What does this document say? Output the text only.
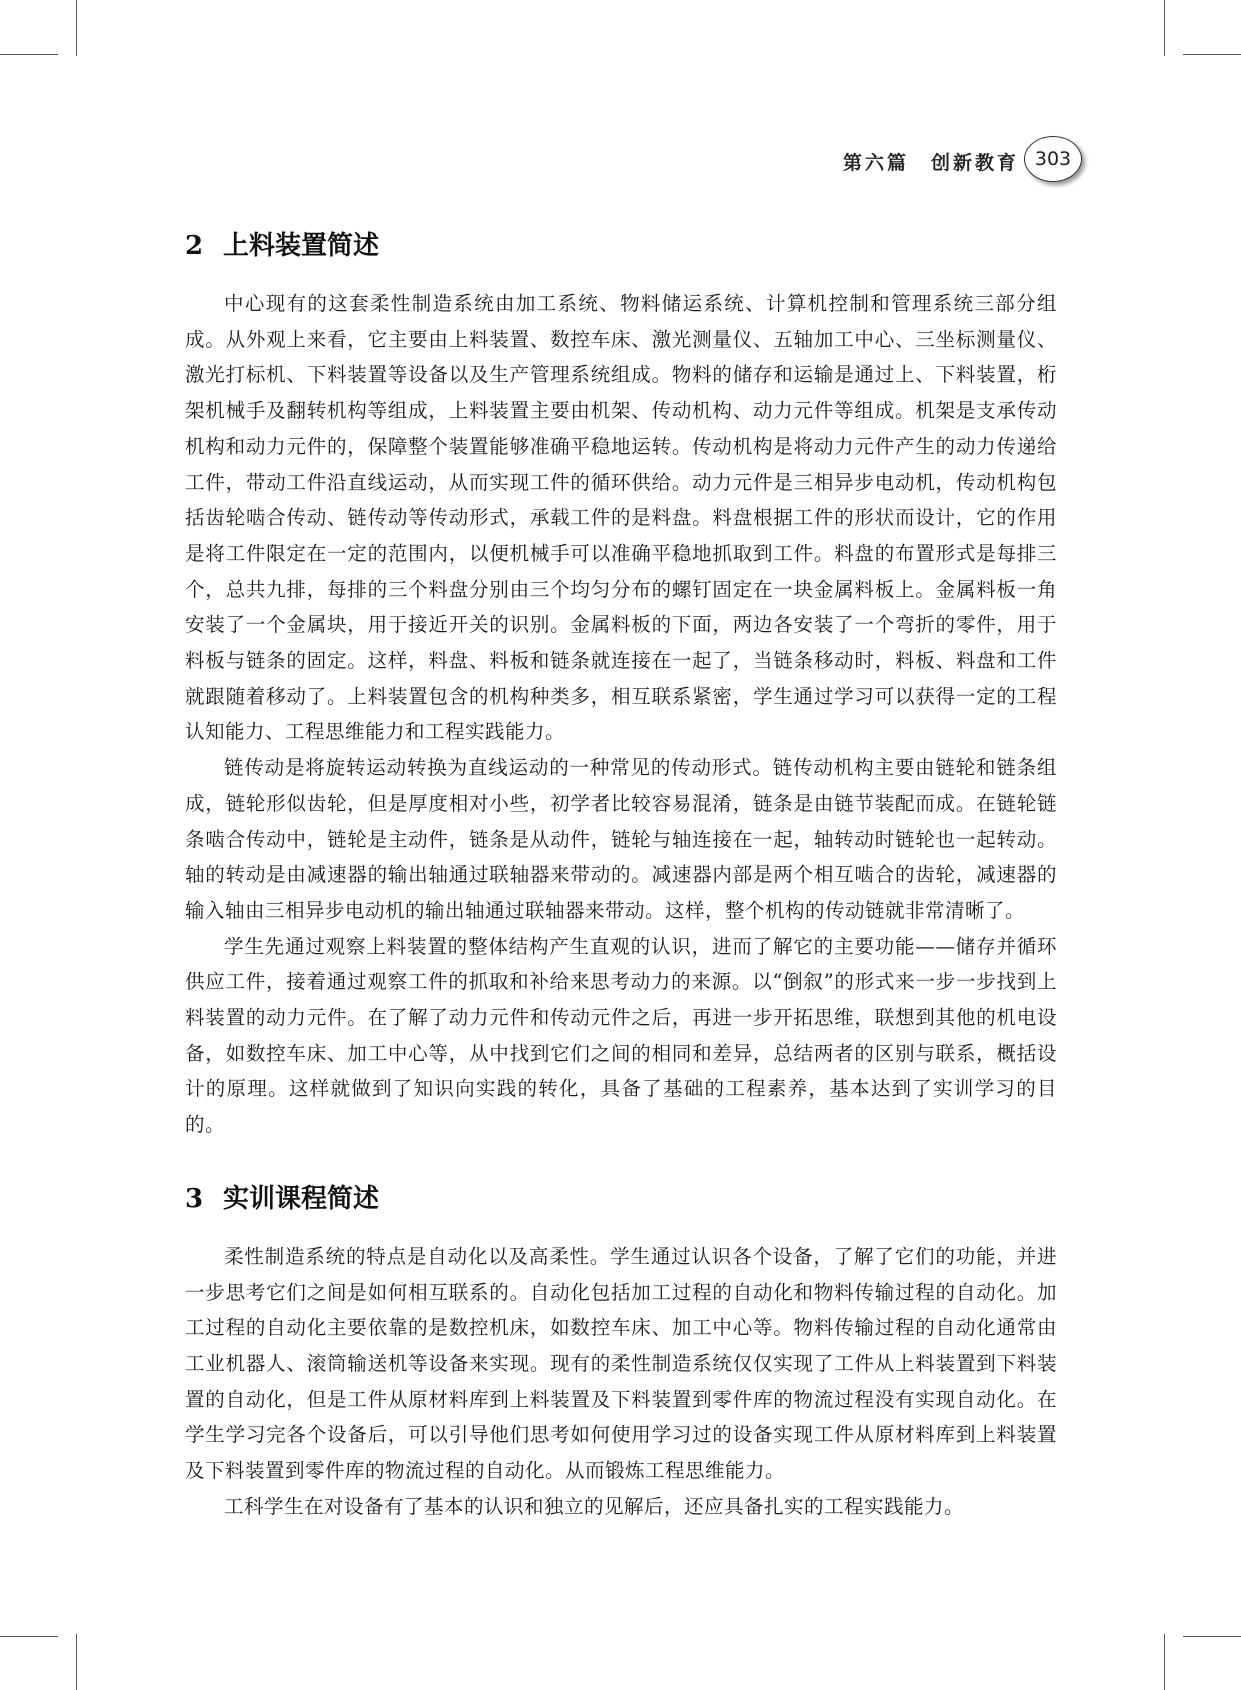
第六篇　创新教育 303
2 上料装置简述

中心现有的这套柔性制造系统由加工系统、物料储运系统、计算机控制和管理系统三部分组成。从外观上来看，它主要由上料装置、数控车床、激光测量仪、五轴加工中心、三坐标测量仪、激光打标机、下料装置等设备以及生产管理系统组成。物料的储存和运输是通过上、下料装置，桁架机械手及翻转机构等组成，上料装置主要由机架、传动机构、动力元件等组成。机架是支承传动机构和动力元件的，保障整个装置能够准确平稳地运转。传动机构是将动力元件产生的动力传递给工件，带动工件沿直线运动，从而实现工件的循环供给。动力元件是三相异步电动机，传动机构包括齿轮啮合传动、链传动等传动形式，承载工件的是料盘。料盘根据工件的形状而设计，它的作用是将工件限定在一定的范围内，以便机械手可以准确平稳地抓取到工件。料盘的布置形式是每排三个，总共九排，每排的三个料盘分别由三个均匀分布的螺钉固定在一块金属料板上。金属料板一角安装了一个金属块，用于接近开关的识别。金属料板的下面，两边各安装了一个弯折的零件，用于料板与链条的固定。这样，料盘、料板和链条就连接在一起了，当链条移动时，料板、料盘和工件就跟随着移动了。上料装置包含的机构种类多，相互联系紧密，学生通过学习可以获得一定的工程认知能力、工程思维能力和工程实践能力。

链传动是将旋转运动转换为直线运动的一种常见的传动形式。链传动机构主要由链轮和链条组成，链轮形似齿轮，但是厚度相对小些，初学者比较容易混淆，链条是由链节装配而成。在链轮链条啮合传动中，链轮是主动件，链条是从动件，链轮与轴连接在一起，轴转动时链轮也一起转动。轴的转动是由减速器的输出轴通过联轴器来带动的。减速器内部是两个相互啮合的齿轮，减速器的输入轴由三相异步电动机的输出轴通过联轴器来带动。这样，整个机构的传动链就非常清晰了。

学生先通过观察上料装置的整体结构产生直观的认识，进而了解它的主要功能——储存并循环供应工件，接着通过观察工件的抓取和补给来思考动力的来源。以“倒叙”的形式来一步一步找到上料装置的动力元件。在了解了动力元件和传动元件之后，再进一步开拓思维，联想到其他的机电设备，如数控车床、加工中心等，从中找到它们之间的相同和差异，总结两者的区别与联系，概括设计的原理。这样就做到了知识向实践的转化，具备了基础的工程素养，基本达到了实训学习的目的。

3 实训课程简述

柔性制造系统的特点是自动化以及高柔性。学生通过认识各个设备，了解了它们的功能，并进一步思考它们之间是如何相互联系的。自动化包括加工过程的自动化和物料传输过程的自动化。加工过程的自动化主要依靠的是数控机床，如数控车床、加工中心等。物料传输过程的自动化通常由工业机器人、滚筒输送机等设备来实现。现有的柔性制造系统仅仅实现了工件从上料装置到下料装置的自动化，但是工件从原材料库到上料装置及下料装置到零件库的物流过程没有实现自动化。在学生学习完各个设备后，可以引导他们思考如何使用学习过的设备实现工件从原材料库到上料装置及下料装置到零件库的物流过程的自动化。从而锻炼工程思维能力。

工科学生在对设备有了基本的认识和独立的见解后，还应具备扎实的工程实践能力。
